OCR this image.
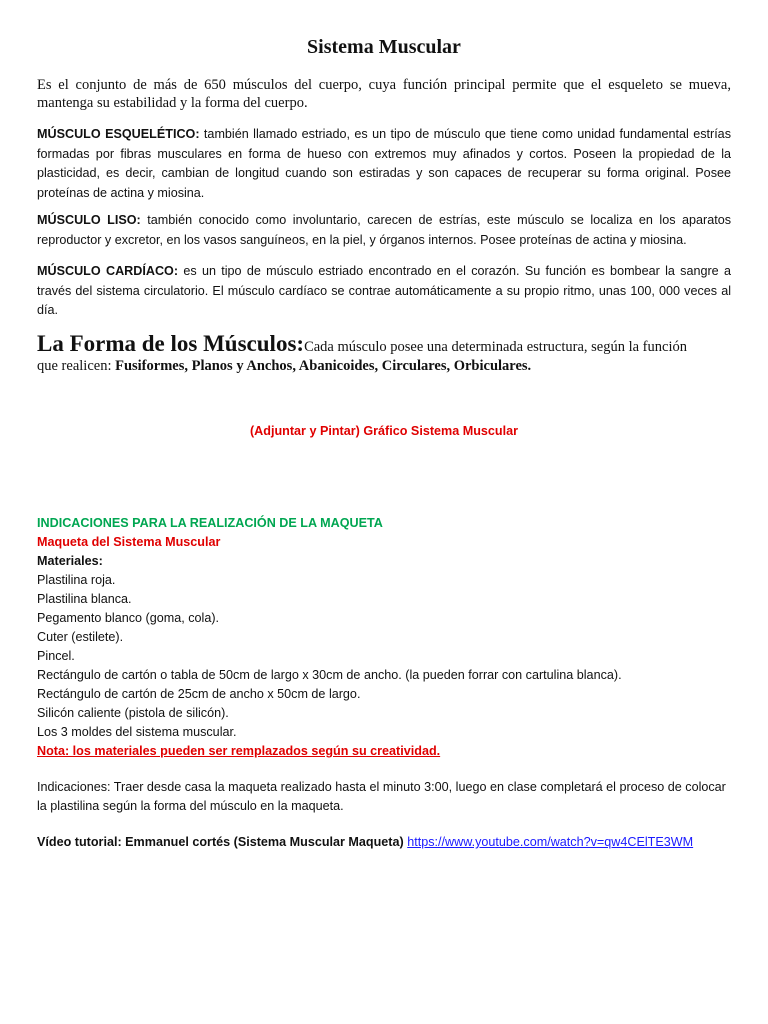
Sistema Muscular

Es el conjunto de más de 650 músculos del cuerpo, cuya función principal permite que el esqueleto se mueva, mantenga su estabilidad y la forma del cuerpo.

MÚSCULO ESQUELÉTICO: también llamado estriado, es un tipo de músculo que tiene como unidad fundamental estrías formadas por fibras musculares en forma de hueso con extremos muy afinados y cortos. Poseen la propiedad de la plasticidad, es decir, cambian de longitud cuando son estiradas y son capaces de recuperar su forma original. Posee proteínas de actina y miosina.

MÚSCULO LISO: también conocido como involuntario, carecen de estrías, este músculo se localiza en los aparatos reproductor y excretor, en los vasos sanguíneos, en la piel, y órganos internos. Posee proteínas de actina y miosina.

MÚSCULO CARDÍACO: es un tipo de músculo estriado encontrado en el corazón. Su función es bombear la sangre a través del sistema circulatorio. El músculo cardíaco se contrae automáticamente a su propio ritmo, unas 100, 000 veces al día.

La Forma de los Músculos:Cada músculo posee una determinada estructura, según la función
que realicen: Fusiformes, Planos y Anchos, Abanicoides, Circulares, Orbiculares.

(Adjuntar y Pintar) Gráfico Sistema Muscular

INDICACIONES PARA LA REALIZACIÓN DE LA MAQUETA
Maqueta del Sistema Muscular
Materiales:
Plastilina roja.
Plastilina blanca.
Pegamento blanco (goma, cola).
Cuter (estilete).
Pincel.
Rectángulo de cartón o tabla de 50cm de largo x 30cm de ancho. (la pueden forrar con cartulina blanca).
Rectángulo de cartón de 25cm de ancho x 50cm de largo.
Silicón caliente (pistola de silicón).
Los 3 moldes del sistema muscular.
Nota: los materiales pueden ser remplazados según su creatividad.

Indicaciones: Traer desde casa la maqueta realizado hasta el minuto 3:00, luego en clase completará el proceso de colocar la plastilina según la forma del músculo en la maqueta.

Vídeo tutorial: Emmanuel cortés (Sistema Muscular Maqueta) https://www.youtube.com/watch?v=qw4CElTE3WM
